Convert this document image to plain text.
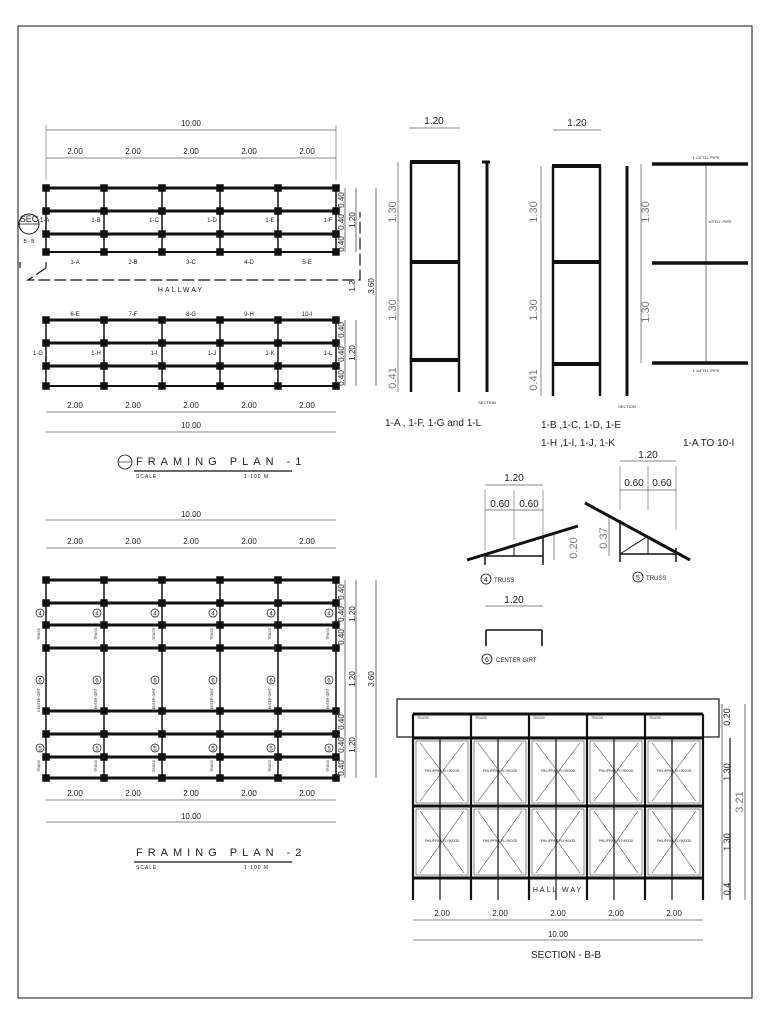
10.00
2.00	2.00	2.00	2.00	2.00
1-A	2-B	3-C	4-D	5-E
1-B	1-C	1-D	1-E	1-F
HALLWAY
SEC
B - B
1-A
6-E	7-F	8-G	9-H	10-I
1-G	1-H	1-I	1-J	1-K	1-L
2.00	2.00	2.00	2.00	2.00
10.00
0.40
0.40
0.40
1.20
1.2 3.60
0.40
0.40
0.40
1.20
FRAMING PLAN -1
SCALE	1:100 M
1.20
1.30
1.30
0.41
SECTION
1-A , 1-F, 1-G and 1-L
1.20
1.30
1.30
0.41
SECTION
1-B ,1-C, 1-D, 1-E
1-H ,1-I, 1-J, 1-K
1.30
1.30
1 1/4"G.I. PIPE
1/2"G.I. PIPE
1 1/4"G.I. PIPE
1-A TO 10-I
1.20
0.60 0.60
0.20
4 TRUSS
1.20
0.60 0.60
0.37
5 TRUSS
1.20
6 CENTER GIRT
10.00
2.00	2.00	2.00	2.00	2.00
4
6
5
TRUSS
CENTER GIRT
TRUSS
4
6
5
TRUSS
CENTER GIRT
TRUSS
4
6
5
TRUSS
CENTER GIRT
TRUSS
4
6
5
TRUSS
CENTER GIRT
TRUSS
4
6
5
TRUSS
CENTER GIRT
TRUSS
4
6
5
TRUSS
CENTER GIRT
TRUSS
2.00	2.00	2.00	2.00	2.00
10.00
0.40
0.40
0.40
0.40
0.40
0.40
1.20
1.20
1.20
3.60
FRAMING PLAN -2
SCALE	1:100 M
PHILIPPINE PLYWOOD
PHILIPPINE PLYWOOD
TRUSS
PHILIPPINE PLYWOOD
PHILIPPINE PLYWOOD
TRUSS
PHILIPPINE PLYWOOD
PHILIPPINE PLYWOOD
TRUSS
PHILIPPINE PLYWOOD
PHILIPPINE PLYWOOD
TRUSS
PHILIPPINE PLYWOOD
PHILIPPINE PLYWOOD
TRUSS
HALL WAY
2.00	2.00	2.00	2.00	2.00
10.00
0.20
1.30
1.30
0.4
3.21
SECTION - B-B
